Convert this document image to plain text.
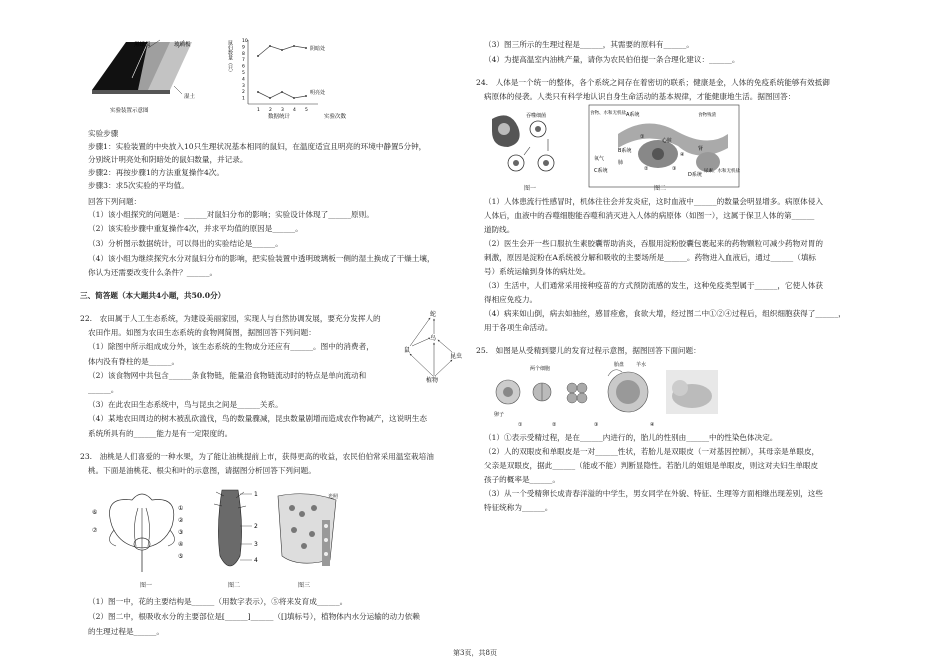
黑纸板	玻璃板
湿土
实验装置示意图
鼠妇数量（只） 10
9
8
7
6
5
4
3
2
1
1 2 3 4 5
阴暗处
明亮处
实验次数
数据统计
实验步骤
步骤1：实验装置的中央放入10只生理状况基本相同的鼠妇，在温度适宜且明亮的环境中静置5分钟，
分别统计明亮处和阴暗处的鼠妇数量，并记录。
步骤2：再按步骤1的方法重复操作4次。
步骤3：求5次实验的平均值。
回答下列问题：
（1）该小组探究的问题是：______对鼠妇分布的影响；实验设计体现了______原则。
（2）该实验步骤中重复操作4次，并求平均值的原因是______。
（3）分析图示数据统计，可以得出的实验结论是______。
（4）该小组为继续探究水分对鼠妇分布的影响，把实验装置中透明玻璃板一侧的湿土换成了干燥土壤，
你认为还需要改变什么条件？______。
三、简答题（本大题共4小题，共50.0分）
22.　农田属于人工生态系统，为建设美丽家园，实现人与自然协调发展，要充分发挥人的
农田作用。如图为农田生态系统的食物网简图，据图回答下列问题：
（1）除图中所示组成成分外，该生态系统的生物成分还应有______。图中的消费者，
体内没有脊柱的是______。
（2）该食物网中共包含______条食物链，能量沿食物链流动时的特点是单向流动和
______。
（3）在此农田生态系统中，鸟与昆虫之间是______关系。
（4）某地农田周边的树木被乱砍滥伐，鸟的数量骤减，昆虫数量剧增而造成农作物减产，这说明生态
系统所具有的______能力是有一定限度的。
蛇
鸟
鼠
昆虫
植物
23.　油桃是人们喜爱的一种水果，为了能让油桃提前上市，获得更高的收益，农民伯伯常采用温室栽培油
桃。下面是油桃花、根尖和叶的示意图，请据图分析回答下列问题。
⑥
⑦
①
②
③
④
⑤
1
2
3
4
光照
图一	图二	图三
（1）图一中，花的主要结构是______（用数字表示），⑤将来发育成______。
（2）图二中，根吸收水分的主要部位是[______]______（[]填标号），植物体内水分运输的动力依赖
的生理过程是______。
（3）图三所示的生理过程是______，其需要的原料有______。
（4）为提高温室内油桃产量，请你为农民伯伯提一条合理化建议：______。
24.　人体是一个统一的整体，各个系统之间存在着密切的联系；健康是金，人体的免疫系统能够有效抵御
病原体的侵袭。人类只有科学地认识自身生命活动的基本规律，才能健康地生活。据图回答：
吞噬细菌
图一
食物、水和无机盐 A系统
心脏
B系统
肺
C系统
氧气
肾
D系统
尿素、水和无机盐
食物残渣
①
②	③
④
图二
（1）人体患流行性感冒时，机体往往会并发炎症，这时血液中______的数量会明显增多。病原体侵入
人体后，血液中的吞噬细胞能吞噬和消灭进入人体的病原体（如图一），这属于保卫人体的第______
道防线。
（2）医生会开一些口服抗生素胶囊帮助消炎，吞服用淀粉胶囊包裹起来的药物颗粒可减少药物对胃的
刺激，原因是淀粉在A系统被分解和吸收的主要场所是______。药物进入血液后，通过______（填标
号）系统运输到身体的病灶处。
（3）生活中，人们通常采用接种疫苗的方式预防流感的发生，这种免疫类型属于______，它使人体获
得相应免疫力。
（4）病来如山倒，病去如抽丝，感冒痊愈，食欲大增，经过图二中①②④过程后，组织细胞获得了______，
用于各项生命活动。
25.　如图是从受精到婴儿的发育过程示意图，据图回答下面问题：
两个细胞
胎盘 羊水
卵子
①	②	③	④
（1）①表示受精过程，是在______内进行的，胎儿的性别由______中的性染色体决定。
（2）人的双眼皮和单眼皮是一对______性状，若胎儿是双眼皮（一对基因控制），其母亲是单眼皮，
父亲是双眼皮，据此______（能或不能）判断显隐性。若胎儿的姐姐是单眼皮，则这对夫妇生单眼皮
孩子的概率是______。
（3）从一个受精卵长成青春洋溢的中学生，男女同学在外貌、特征、生理等方面相继出现差别，这些
特征统称为______。
第3页，共8页
